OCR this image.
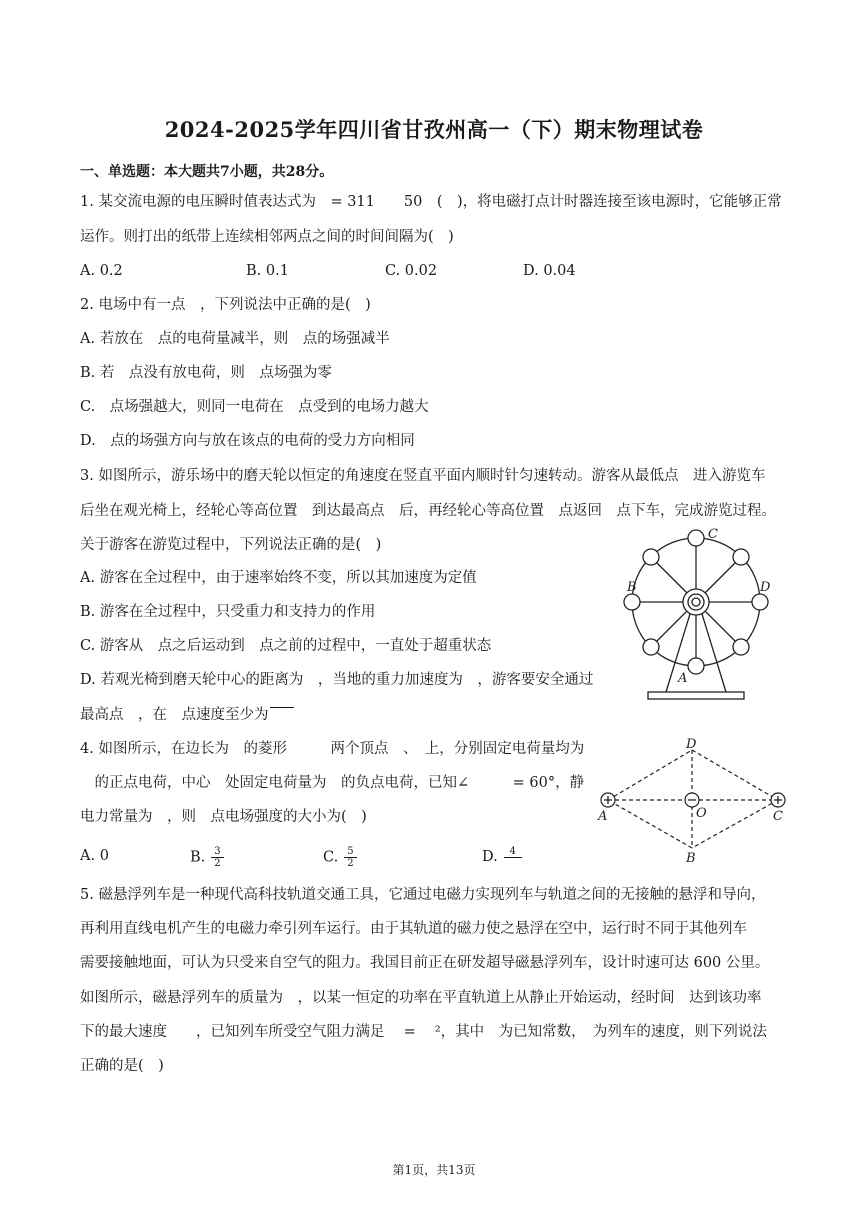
2024-2025学年四川省甘孜州高一（下）期末物理试卷
一、单选题：本大题共7小题，共28分。
1. 某交流电源的电压瞬时值表达式为　= 311　　50　(　)，将电磁打点计时器连接至该电源时，它能够正常
运作。则打出的纸带上连续相邻两点之间的时间间隔为(　)
A. 0.2	B. 0.1	C. 0.02	D. 0.04
2. 电场中有一点　，下列说法中正确的是(　)
A. 若放在　点的电荷量减半，则　点的场强减半
B. 若　点没有放电荷，则　点场强为零
C.　点场强越大，则同一电荷在　点受到的电场力越大
D.　点的场强方向与放在该点的电荷的受力方向相同
3. 如图所示，游乐场中的磨天轮以恒定的角速度在竖直平面内顺时针匀速转动。游客从最低点　进入游览车
后坐在观光椅上，经轮心等高位置　到达最高点　后，再经轮心等高位置　点返回　点下车，完成游览过程。
关于游客在游览过程中，下列说法正确的是(　)
A. 游客在全过程中，由于速率始终不变，所以其加速度为定值
B. 游客在全过程中，只受重力和支持力的作用
C. 游客从　点之后运动到　点之前的过程中，一直处于超重状态
D. 若观光椅到磨天轮中心的距离为　，当地的重力加速度为　，游客要安全通过
最高点　，在　点速度至少为
C
B	D
A
4. 如图所示，在边长为　的菱形　　　两个顶点　、　上，分别固定电荷量均为
　的正点电荷，中心　处固定电荷量为　的负点电荷，已知∠　　　= 60°，静
电力常量为　，则　点电场强度的大小为(　)
A. 0	B. $\frac{3}{2}$	C. $\frac{5}{2}$	D.	4
D
A	O	C
B
5. 磁悬浮列车是一种现代高科技轨道交通工具，它通过电磁力实现列车与轨道之间的无接触的悬浮和导向，
再利用直线电机产生的电磁力牵引列车运行。由于其轨道的磁力使之悬浮在空中，运行时不同于其他列车
需要接触地面，可认为只受来自空气的阻力。我国目前正在研发超导磁悬浮列车，设计时速可达 600 公里。
如图所示，磁悬浮列车的质量为　，以某一恒定的功率在平直轨道上从静止开始运动，经时间　达到该功率
下的最大速度　　，已知列车所受空气阻力满足　 = 　²，其中　为已知常数，　为列车的速度，则下列说法
正确的是(　)
第1页，共13页
